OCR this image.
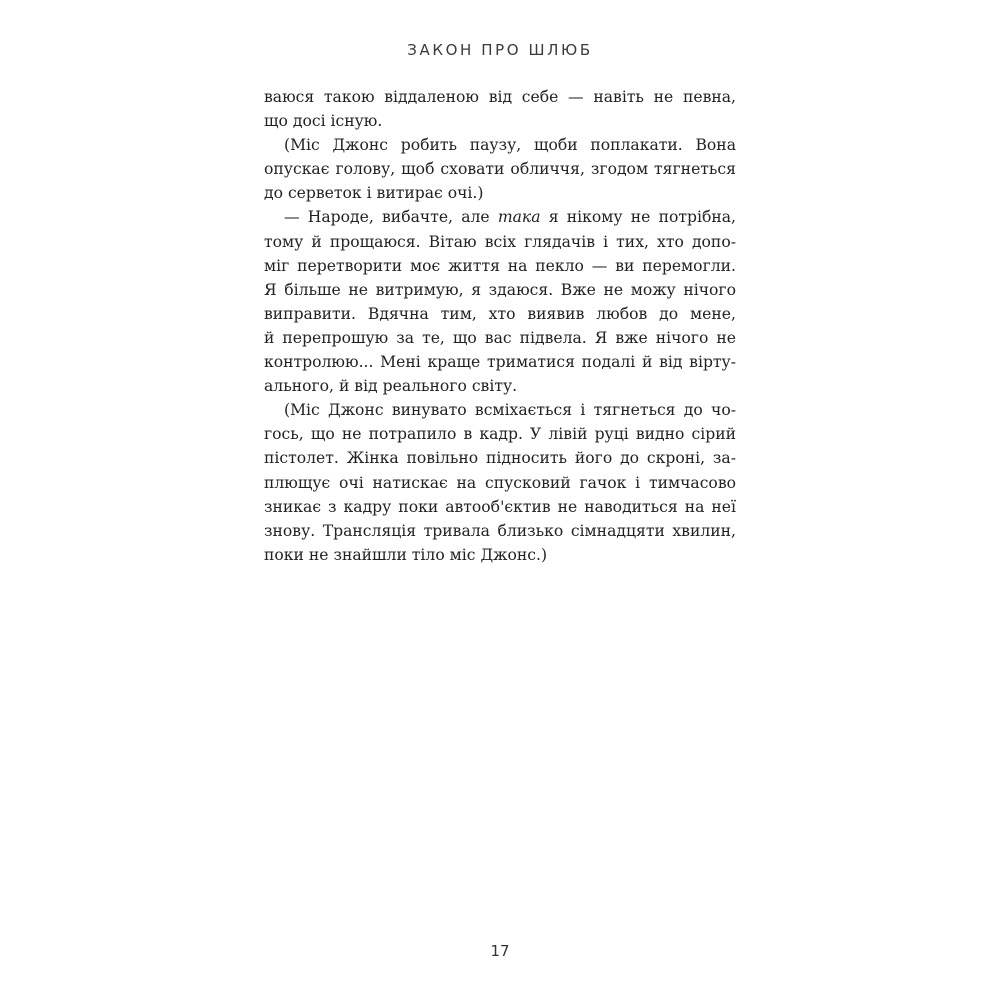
ЗАКОН ПРО ШЛЮБ
ваюся такою віддаленою від себе — навіть не певна,
що досі існую.
(Міс Джонс робить паузу, щоби поплакати. Вона
опускає голову, щоб сховати обличчя, згодом тягнеться
до серветок і витирає очі.)
— Народе, вибачте, але така я нікому не потрібна,
тому й прощаюся. Вітаю всіх глядачів і тих, хто допо-
міг перетворити моє життя на пекло — ви перемогли.
Я більше не витримую, я здаюся. Вже не можу нічого
виправити. Вдячна тим, хто виявив любов до мене,
й перепрошую за те, що вас підвела. Я вже нічого не
контролюю... Мені краще триматися подалі й від вірту-
ального, й від реального світу.
(Міс Джонс винувато всміхається і тягнеться до чо-
гось, що не потрапило в кадр. У лівій руці видно сірий
пістолет. Жінка повільно підносить його до скроні, за-
плющує очі натискає на спусковий гачок і тимчасово
зникає з кадру поки автооб'єктив не наводиться на неї
знову. Трансляція тривала близько сімнадцяти хвилин,
поки не знайшли тіло міс Джонс.)
17
